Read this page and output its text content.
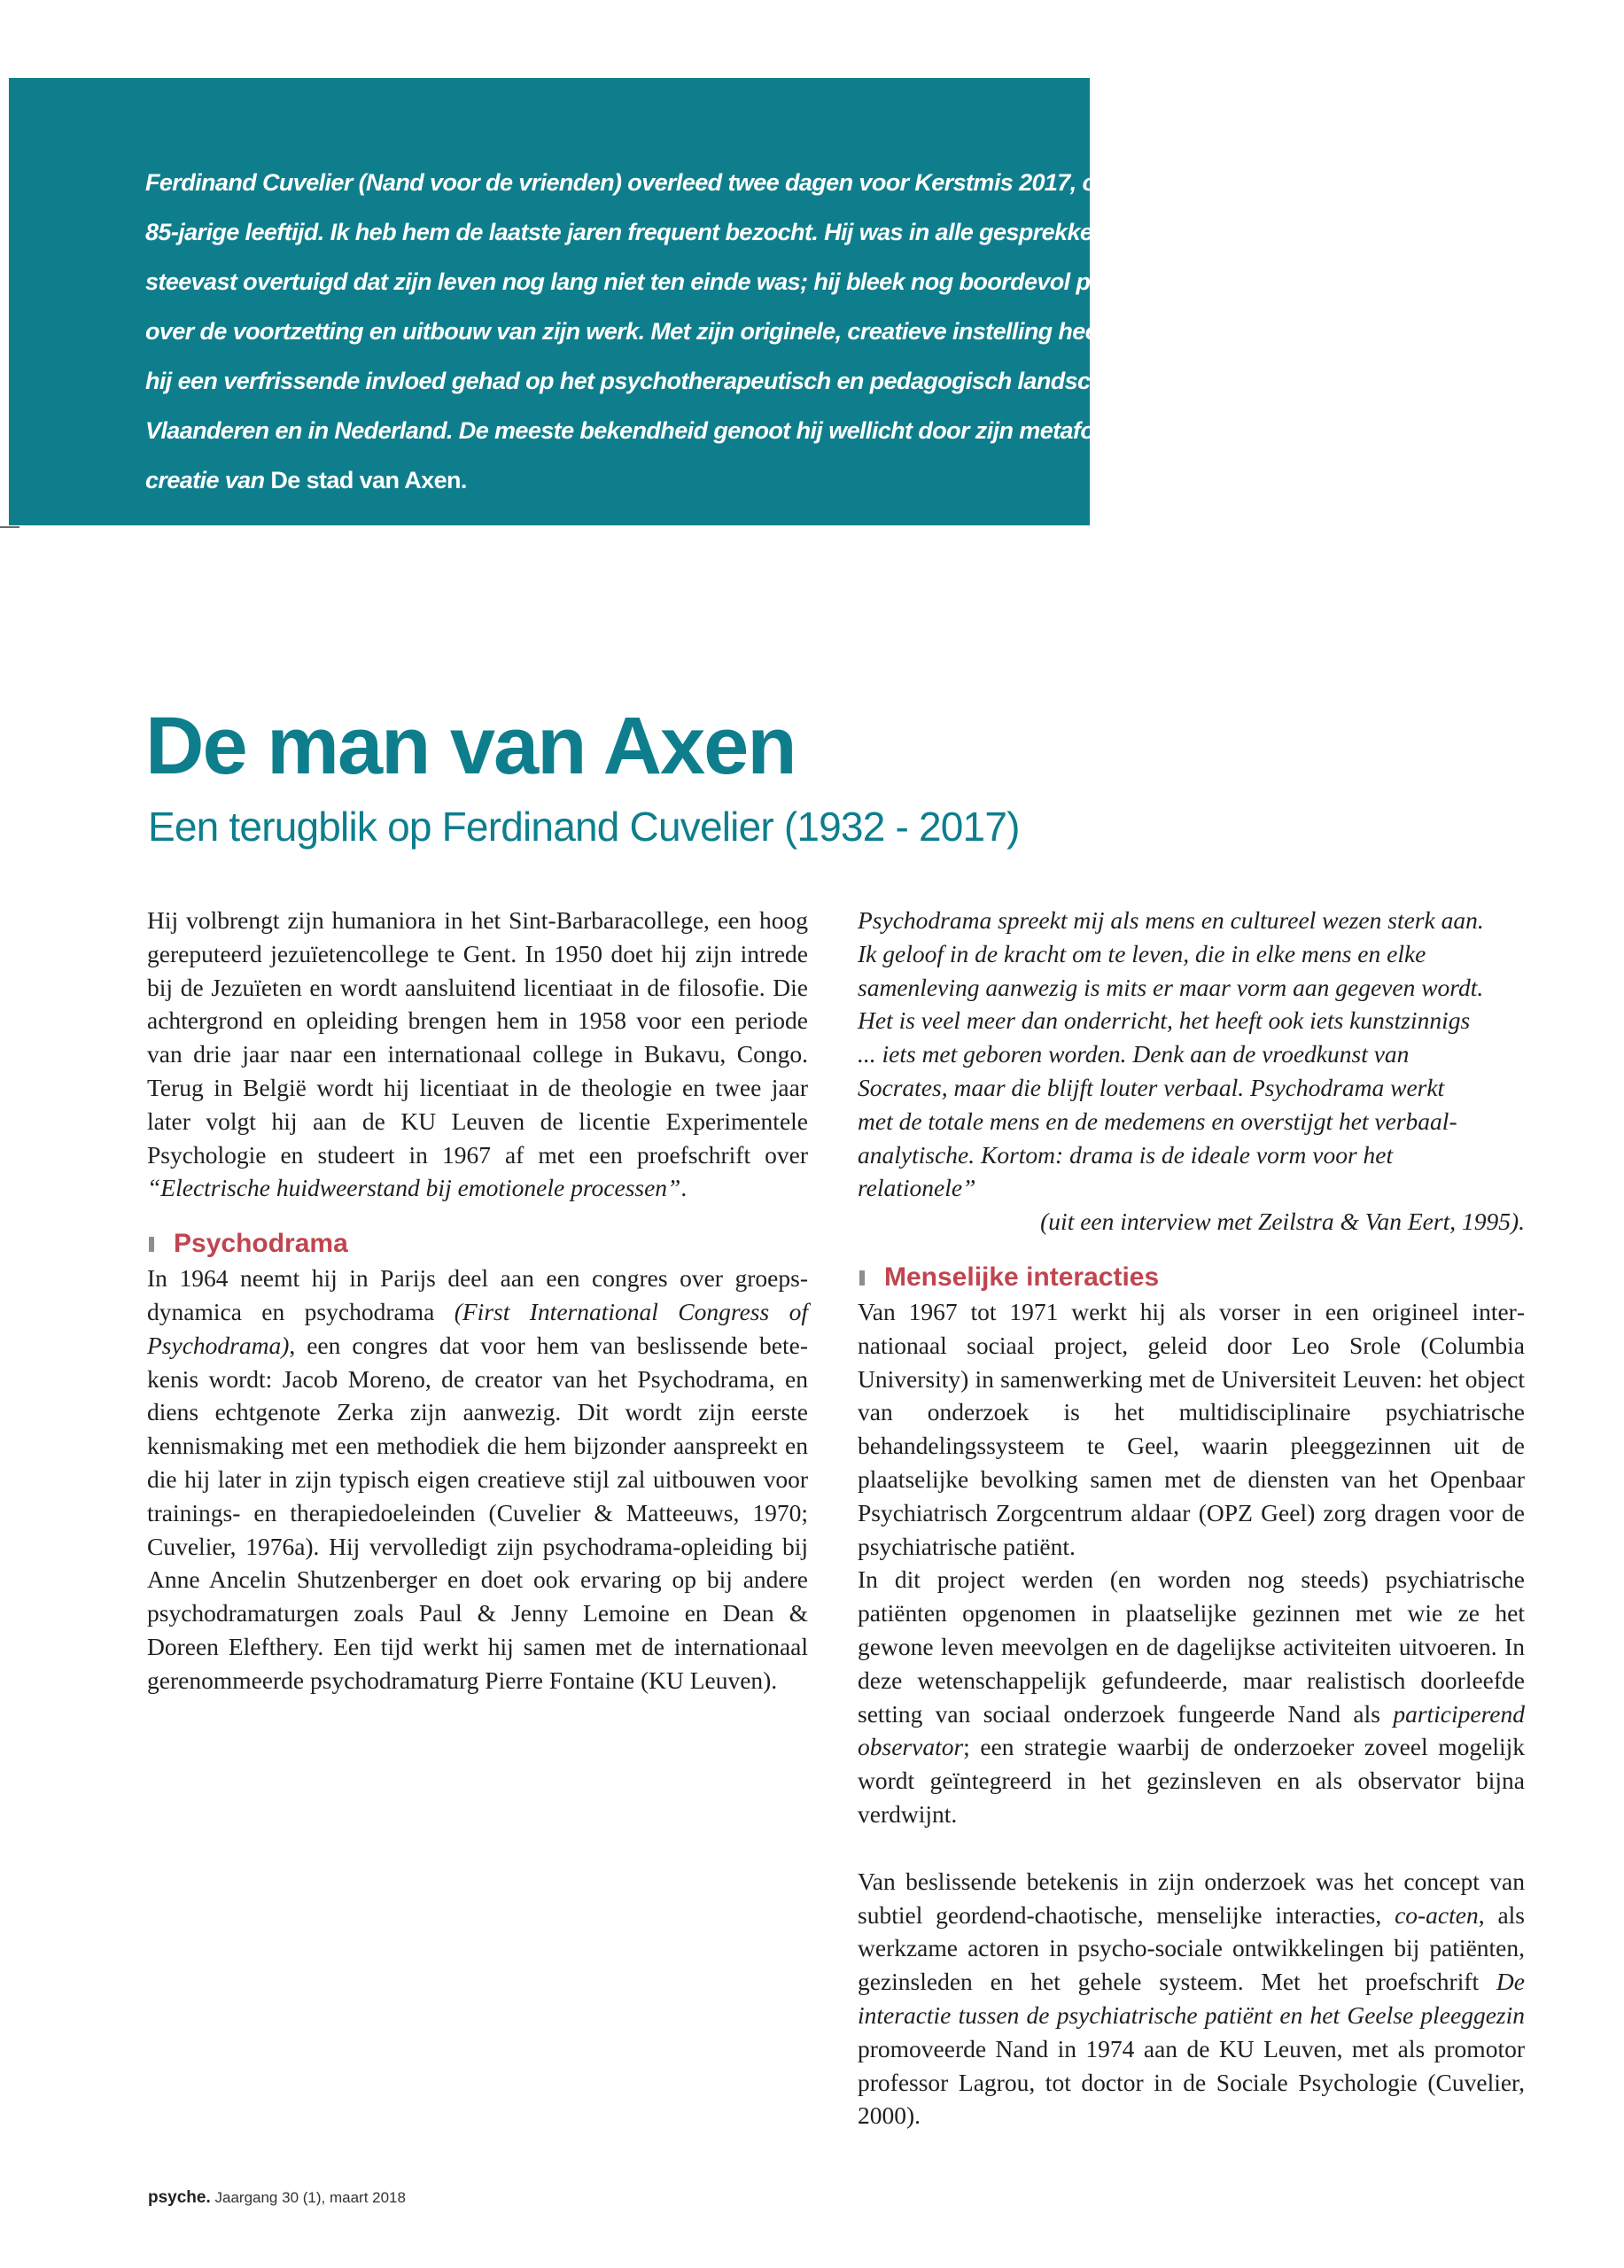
Ferdinand Cuvelier (Nand voor de vrienden) overleed twee dagen voor Kerstmis 2017, op
85-jarige leeftijd. Ik heb hem de laatste jaren frequent bezocht. Hij was in alle gesprekken
steevast overtuigd dat zijn leven nog lang niet ten einde was; hij bleek nog boordevol plannen
over de voortzetting en uitbouw van zijn werk. Met zijn originele, creatieve instelling heeft
hij een verfrissende invloed gehad op het psychotherapeutisch en pedagogisch landschap in
Vlaanderen en in Nederland. De meeste bekendheid genoot hij wellicht door zijn metaforische
creatie van De stad van Axen.
De man van Axen
Een terugblik op Ferdinand Cuvelier (1932 - 2017)

Hij volbrengt zijn humaniora in het Sint-Barbaracollege, een hoog gereputeerd jezuïetencollege te Gent. In 1950 doet hij zijn intrede bij de Jezuïeten en wordt aansluitend licentiaat in de filosofie. Die achtergrond en opleiding brengen hem in 1958 voor een periode van drie jaar naar een internationaal college in Bukavu, Congo. Terug in België wordt hij licentiaat in de theologie en twee jaar later volgt hij aan de KU Leuven de licentie Experimentele Psychologie en studeert in 1967 af met een proefschrift over “Electrische huidweerstand bij emotionele processen”.

Psychodrama

In 1964 neemt hij in Parijs deel aan een congres over groepsdynamica en psychodrama (First International Congress of Psychodrama), een congres dat voor hem van beslissende betekenis wordt: Jacob Moreno, de creator van het Psychodrama, en diens echtgenote Zerka zijn aanwezig. Dit wordt zijn eerste kennismaking met een methodiek die hem bijzonder aanspreekt en die hij later in zijn typisch eigen creatieve stijl zal uitbouwen voor trainings- en therapiedoeleinden (Cuvelier & Matteeuws, 1970; Cuvelier, 1976a). Hij vervolledigt zijn psychodrama-opleiding bij Anne Ancelin Shutzenberger en doet ook ervaring op bij andere psychodramaturgen zoals Paul & Jenny Lemoine en Dean & Doreen Elefthery. Een tijd werkt hij samen met de internationaal gerenommeerde psychodramaturg Pierre Fontaine (KU Leuven).

Psychodrama spreekt mij als mens en cultureel wezen sterk aan.
Ik geloof in de kracht om te leven, die in elke mens en elke
samenleving aanwezig is mits er maar vorm aan gegeven wordt.
Het is veel meer dan onderricht, het heeft ook iets kunstzinnigs
... iets met geboren worden. Denk aan de vroedkunst van
Socrates, maar die blijft louter verbaal. Psychodrama werkt
met de totale mens en de medemens en overstijgt het verbaal-
analytische. Kortom: drama is de ideale vorm voor het
relationele”

(uit een interview met Zeilstra & Van Eert, 1995).

Menselijke interacties

Van 1967 tot 1971 werkt hij als vorser in een origineel internationaal sociaal project, geleid door Leo Srole (Columbia University) in samenwerking met de Universiteit Leuven: het object van onderzoek is het multidisciplinaire psychiatrische behandelingssysteem te Geel, waarin pleeggezinnen uit de plaatselijke bevolking samen met de diensten van het Openbaar Psychiatrisch Zorgcentrum aldaar (OPZ Geel) zorg dragen voor de psychiatrische patiënt.

In dit project werden (en worden nog steeds) psychiatrische patiënten opgenomen in plaatselijke gezinnen met wie ze het gewone leven meevolgen en de dagelijkse activiteiten uitvoeren. In deze wetenschappelijk gefundeerde, maar realistisch doorleefde setting van sociaal onderzoek fungeerde Nand als participerend observator; een strategie waarbij de onderzoeker zoveel mogelijk wordt geïntegreerd in het gezinsleven en als observator bijna verdwijnt.

Van beslissende betekenis in zijn onderzoek was het concept van subtiel geordend-chaotische, menselijke interacties, co-acten, als werkzame actoren in psycho-sociale ontwikkelingen bij patiënten, gezinsleden en het gehele systeem. Met het proefschrift De interactie tussen de psychiatrische patiënt en het Geelse pleeggezin promoveerde Nand in 1974 aan de KU Leuven, met als promotor professor Lagrou, tot doctor in de Sociale Psychologie (Cuvelier, 2000).

psyche. Jaargang 30 (1), maart 2018
